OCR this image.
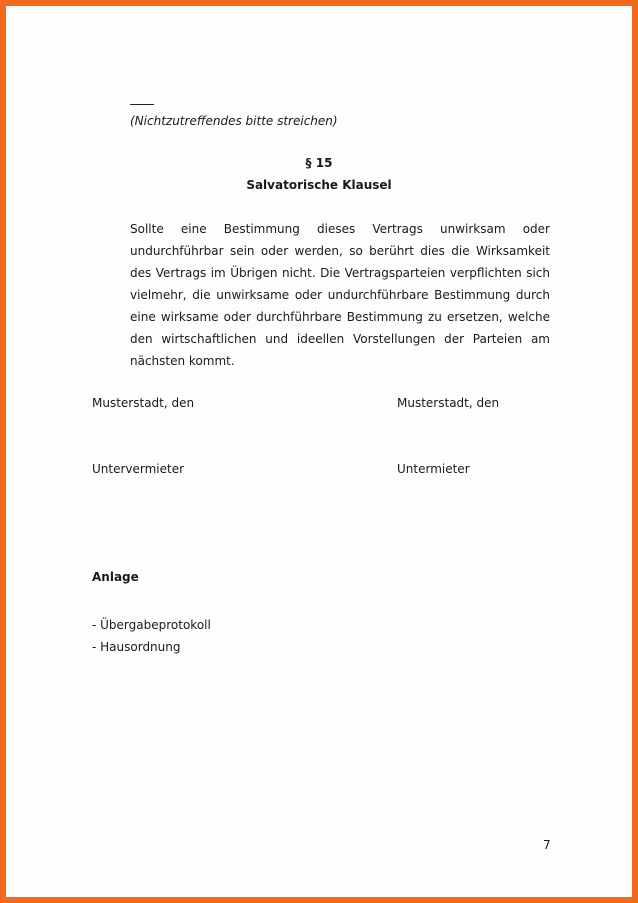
(Nichtzutreffendes bitte streichen)
§ 15
Salvatorische Klausel
Sollte eine Bestimmung dieses Vertrags unwirksam oder undurchführbar sein oder werden, so berührt dies die Wirksamkeit des Vertrags im Übrigen nicht. Die Vertragsparteien verpflichten sich vielmehr, die unwirksame oder undurchführbare Bestimmung durch eine wirksame oder durchführbare Bestimmung zu ersetzen, welche den wirtschaftlichen und ideellen Vorstellungen der Parteien am nächsten kommt.
Musterstadt, den	Musterstadt, den
Untervermieter	Untermieter
Anlage
- Übergabeprotokoll
- Hausordnung
7
